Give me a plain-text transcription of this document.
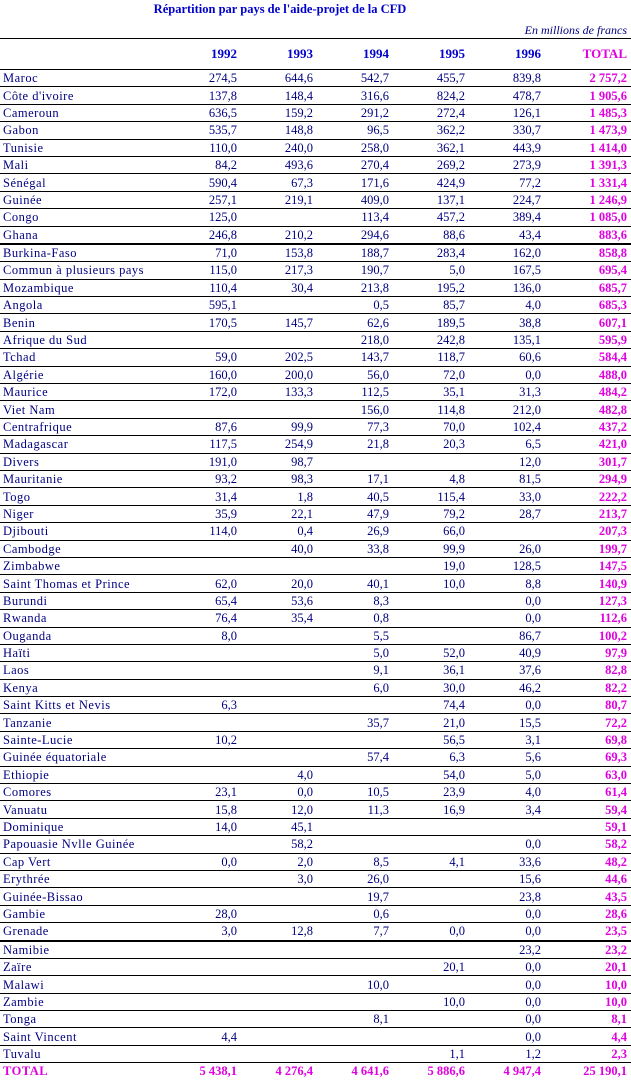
Répartition par pays de l'aide-projet de la CFD
En millions de francs
	1992	1993	1994	1995	1996	TOTAL
Maroc	274,5	644,6	542,7	455,7	839,8	2 757,2
Côte d'ivoire	137,8	148,4	316,6	824,2	478,7	1 905,6
Cameroun	636,5	159,2	291,2	272,4	126,1	1 485,3
Gabon	535,7	148,8	96,5	362,2	330,7	1 473,9
Tunisie	110,0	240,0	258,0	362,1	443,9	1 414,0
Mali	84,2	493,6	270,4	269,2	273,9	1 391,3
Sénégal	590,4	67,3	171,6	424,9	77,2	1 331,4
Guinée	257,1	219,1	409,0	137,1	224,7	1 246,9
Congo	125,0		113,4	457,2	389,4	1 085,0
Ghana	246,8	210,2	294,6	88,6	43,4	883,6
Burkina-Faso	71,0	153,8	188,7	283,4	162,0	858,8
Commun à plusieurs pays	115,0	217,3	190,7	5,0	167,5	695,4
Mozambique	110,4	30,4	213,8	195,2	136,0	685,7
Angola	595,1		0,5	85,7	4,0	685,3
Benin	170,5	145,7	62,6	189,5	38,8	607,1
Afrique du Sud			218,0	242,8	135,1	595,9
Tchad	59,0	202,5	143,7	118,7	60,6	584,4
Algérie	160,0	200,0	56,0	72,0	0,0	488,0
Maurice	172,0	133,3	112,5	35,1	31,3	484,2
Viet Nam			156,0	114,8	212,0	482,8
Centrafrique	87,6	99,9	77,3	70,0	102,4	437,2
Madagascar	117,5	254,9	21,8	20,3	6,5	421,0
Divers	191,0	98,7			12,0	301,7
Mauritanie	93,2	98,3	17,1	4,8	81,5	294,9
Togo	31,4	1,8	40,5	115,4	33,0	222,2
Niger	35,9	22,1	47,9	79,2	28,7	213,7
Djibouti	114,0	0,4	26,9	66,0		207,3
Cambodge		40,0	33,8	99,9	26,0	199,7
Zimbabwe				19,0	128,5	147,5
Saint Thomas et Prince	62,0	20,0	40,1	10,0	8,8	140,9
Burundi	65,4	53,6	8,3		0,0	127,3
Rwanda	76,4	35,4	0,8		0,0	112,6
Ouganda	8,0		5,5		86,7	100,2
Haïti			5,0	52,0	40,9	97,9
Laos			9,1	36,1	37,6	82,8
Kenya			6,0	30,0	46,2	82,2
Saint Kitts et Nevis	6,3			74,4	0,0	80,7
Tanzanie			35,7	21,0	15,5	72,2
Sainte-Lucie	10,2			56,5	3,1	69,8
Guinée équatoriale			57,4	6,3	5,6	69,3
Ethiopie		4,0		54,0	5,0	63,0
Comores	23,1	0,0	10,5	23,9	4,0	61,4
Vanuatu	15,8	12,0	11,3	16,9	3,4	59,4
Dominique	14,0	45,1				59,1
Papouasie Nvlle Guinée		58,2			0,0	58,2
Cap Vert	0,0	2,0	8,5	4,1	33,6	48,2
Erythrée		3,0	26,0		15,6	44,6
Guinée-Bissao			19,7		23,8	43,5
Gambie	28,0		0,6		0,0	28,6
Grenade	3,0	12,8	7,7	0,0	0,0	23,5
Namibie					23,2	23,2
Zaïre				20,1	0,0	20,1
Malawi			10,0		0,0	10,0
Zambie				10,0	0,0	10,0
Tonga			8,1		0,0	8,1
Saint Vincent	4,4				0,0	4,4
Tuvalu				1,1	1,2	2,3
TOTAL	5 438,1	4 276,4	4 641,6	5 886,6	4 947,4	25 190,1
